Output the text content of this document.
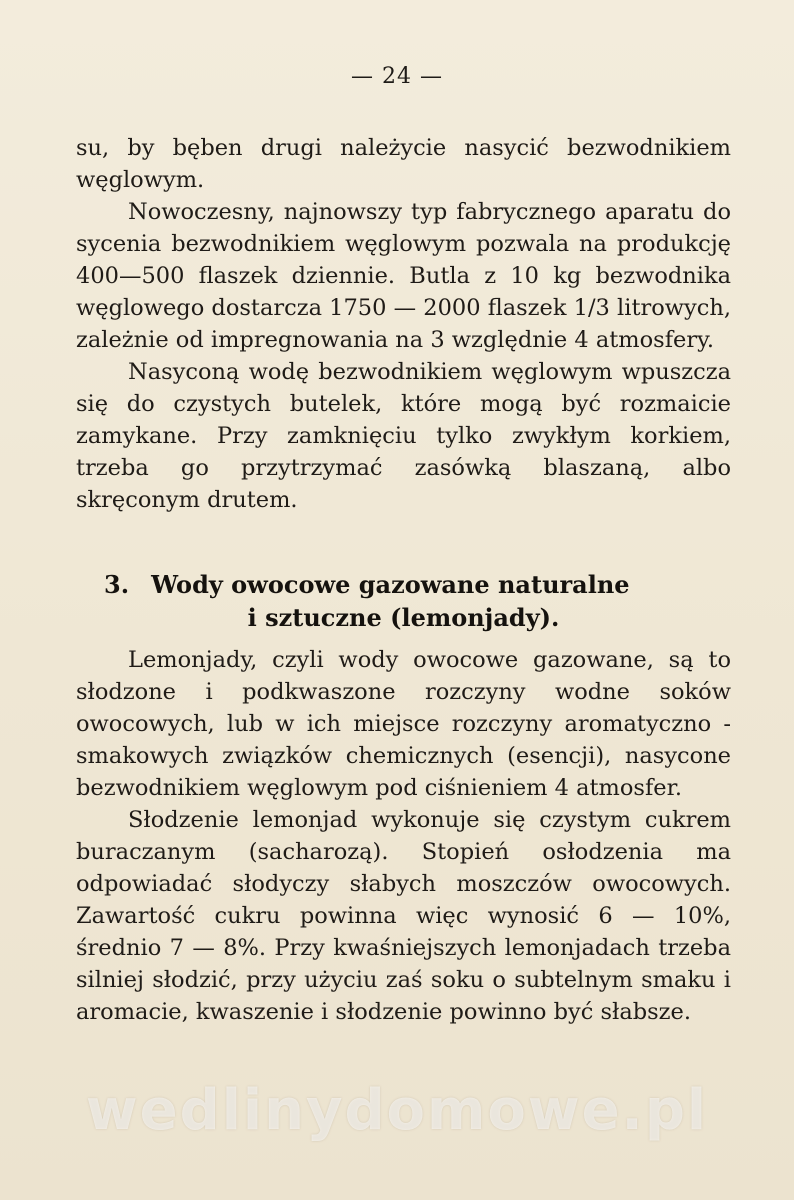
— 24 —

su, by bęben drugi należycie nasycić bezwodnikiem węglowym.

Nowoczesny, najnowszy typ fabrycznego aparatu do sycenia bezwodnikiem węglowym pozwala na produkcję 400—500 flaszek dziennie. Butla z 10 kg bezwodnika węglowego dostarcza 1750 — 2000 flaszek 1/3 litrowych, zależnie od impregnowania na 3 względnie 4 atmosfery.

Nasyconą wodę bezwodnikiem węglowym wpuszcza się do czystych butelek, które mogą być rozmaicie zamykane. Przy zamknięciu tylko zwykłym korkiem, trzeba go przytrzymać zasówką blaszaną, albo skręconym drutem.

3. Wody owocowe gazowane naturalne
i sztuczne (lemonjady).

Lemonjady, czyli wody owocowe gazowane, są to słodzone i podkwaszone rozczyny wodne soków owocowych, lub w ich miejsce rozczyny aromatyczno - smakowych związków chemicznych (esencji), nasycone bezwodnikiem węglowym pod ciśnieniem 4 atmosfer.

Słodzenie lemonjad wykonuje się czystym cukrem buraczanym (sacharozą). Stopień osłodzenia ma odpowiadać słodyczy słabych moszczów owocowych. Zawartość cukru powinna więc wynosić 6 — 10%, średnio 7 — 8%. Przy kwaśniejszych lemonjadach trzeba silniej słodzić, przy użyciu zaś soku o subtelnym smaku i aromacie, kwaszenie i słodzenie powinno być słabsze.

wedlinydomowe.pl
